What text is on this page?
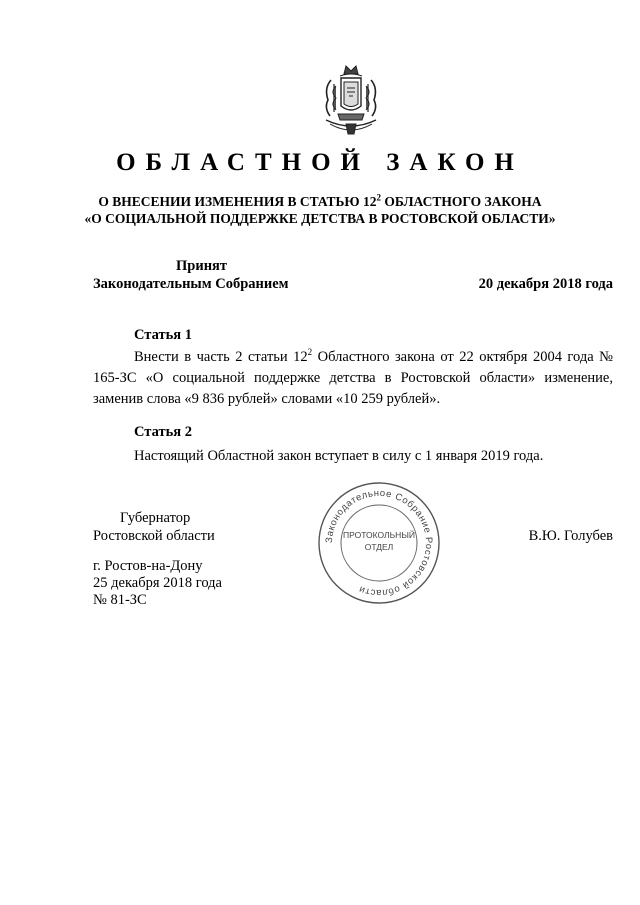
ОБЛАСТНОЙ ЗАКОН
О ВНЕСЕНИИ ИЗМЕНЕНИЯ В СТАТЬЮ $12^2$ ОБЛАСТНОГО ЗАКОНА
«О СОЦИАЛЬНОЙ ПОДДЕРЖКЕ ДЕТСТВА В РОСТОВСКОЙ ОБЛАСТИ»
Принят
Законодательным Собранием	20 декабря 2018 года
Статья 1
Внести в часть 2 статьи $12^2$ Областного закона от 22 октября 2004 года № 165-ЗС «О социальной поддержке детства в Ростовской области» изменение, заменив слова «9 836 рублей» словами «10 259 рублей».
Статья 2
Настоящий Областной закон вступает в силу с 1 января 2019 года.
Губернатор
Ростовской области	В.Ю. Голубев
г. Ростов-на-Дону
25 декабря 2018 года
№ 81-ЗС
Законодательное Собрание Ростовской области
ПРОТОКОЛЬНЫЙ
ОТДЕЛ
